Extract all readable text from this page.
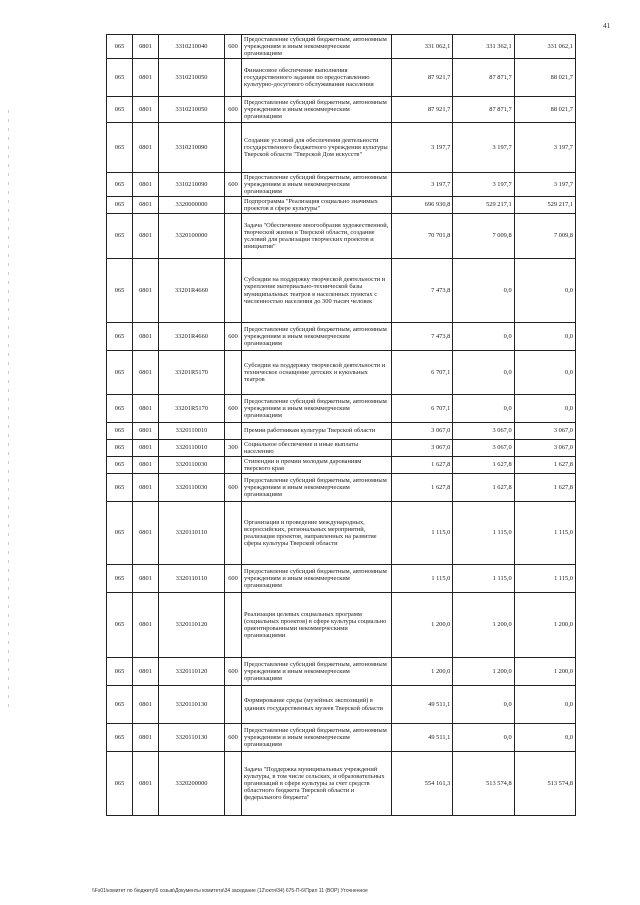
41
065	0801	3310210040	600	Предоставление субсидий бюджетным, автономным учреждениям и иным некоммерческим организациям	331 062,1	331 362,1	331 062,1
065	0801	3310210050		Финансовое обеспечение выполнения государственного задания по предоставлению культурно-досугового обслуживания населения	87 921,7	87 871,7	88 021,7
065	0801	3310210050	600	Предоставление субсидий бюджетным, автономным учреждениям и иным некоммерческим организациям	87 921,7	87 871,7	88 021,7
065	0801	3310210090		Создание условий для обеспечения деятельности государственного бюджетного учреждения культуры Тверской области "Тверской Дом искусств"	3 197,7	3 197,7	3 197,7
065	0801	3310210090	600	Предоставление субсидий бюджетным, автономным учреждениям и иным некоммерческим организациям	3 197,7	3 197,7	3 197,7
065	0801	3320000000		Подпрограмма "Реализация социально значимых проектов в сфере культуры"	696 930,8	529 217,1	529 217,1
065	0801	3320100000		Задача "Обеспечение многообразия художественной, творческой жизни в Тверской области, создание условий для реализации творческих проектов и инициатив"	70 701,8	7 009,8	7 009,8
065	0801	33201R4660		Субсидии на поддержку творческой деятельности и укрепление материально-технической базы муниципальных театров в населенных пунктах с численностью населения до 300 тысяч человек	7 473,8	0,0	0,0
065	0801	33201R4660	600	Предоставление субсидий бюджетным, автономным учреждениям и иным некоммерческим организациям	7 473,8	0,0	0,0
065	0801	33201R5170		Субсидии на поддержку творческой деятельности и техническое оснащение детских и кукольных театров	6 707,1	0,0	0,0
065	0801	33201R5170	600	Предоставление субсидий бюджетным, автономным учреждениям и иным некоммерческим организациям	6 707,1	0,0	0,0
065	0801	3320110010		Премии работникам культуры Тверской области	3 067,0	3 067,0	3 067,0
065	0801	3320110010	300	Социальное обеспечение и иные выплаты населению	3 067,0	3 067,0	3 067,0
065	0801	3320110030		Стипендии и премии молодым дарованиям тверского края	1 627,8	1 627,8	1 627,8
065	0801	3320110030	600	Предоставление субсидий бюджетным, автономным учреждениям и иным некоммерческим организациям	1 627,8	1 627,8	1 627,8
065	0801	3320110110		Организация и проведение международных, всероссийских, региональных мероприятий, реализация проектов, направленных на развитие сферы культуры Тверской области	1 115,0	1 115,0	1 115,0
065	0801	3320110110	600	Предоставление субсидий бюджетным, автономным учреждениям и иным некоммерческим организациям	1 115,0	1 115,0	1 115,0
065	0801	3320110120		Реализация целевых социальных программ (социальных проектов) в сфере культуры социально ориентированными некоммерческими организациями	1 200,0	1 200,0	1 200,0
065	0801	3320110120	600	Предоставление субсидий бюджетным, автономным учреждениям и иным некоммерческим организациям	1 200,0	1 200,0	1 200,0
065	0801	3320110130		Формирование среды (музейных экспозиций) в зданиях государственных музеев Тверской области	49 511,1	0,0	0,0
065	0801	3320110130	600	Предоставление субсидий бюджетным, автономным учреждениям и иным некоммерческим организациям	49 511,1	0,0	0,0
065	0801	3320200000		Задача "Поддержка муниципальных учреждений культуры, в том числе сельских, и образовательных организаций в сфере культуры за счет средств областного бюджета Тверской области и федерального бюджета"	554 161,3	513 574,8	513 574,8
\\Fs01\комитет по бюджету\6 созыв\Документы комитета\34 заседание (12\октя\34) 675-П-6\Прил 11 (ВОР) Уточненное
